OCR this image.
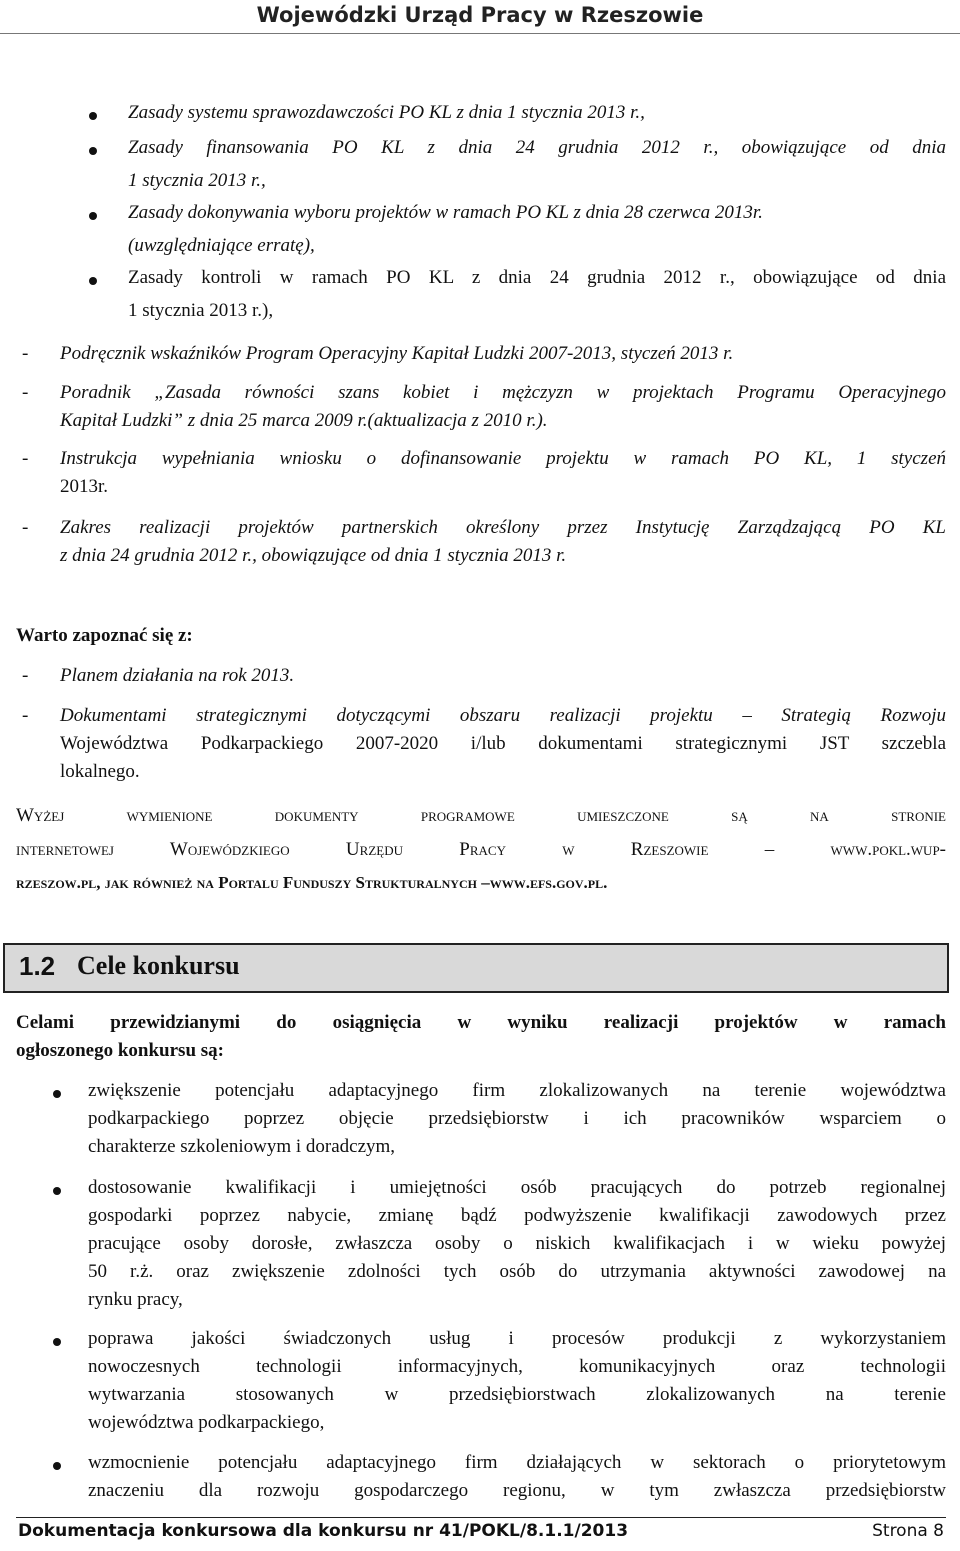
Wojewódzki Urząd Pracy w Rzeszowie
Zasady systemu sprawozdawczości PO KL z dnia 1 stycznia 2013 r.,
Zasady finansowania PO KL z dnia 24 grudnia 2012 r., obowiązujące od dnia
1 stycznia 2013 r.,
Zasady dokonywania wyboru projektów w ramach PO KL z dnia 28 czerwca 2013r.
(uwzględniające erratę),
Zasady kontroli w ramach PO KL z dnia 24 grudnia 2012 r., obowiązujące od dnia
1 stycznia 2013 r.),
- Podręcznik wskaźników Program Operacyjny Kapitał Ludzki 2007-2013, styczeń 2013 r.
- Poradnik „Zasada równości szans kobiet i mężczyzn w projektach Programu Operacyjnego
Kapitał Ludzki” z dnia 25 marca 2009 r.(aktualizacja z 2010 r.).
- Instrukcja wypełniania wniosku o dofinansowanie projektu w ramach PO KL, 1 styczeń
2013r.
- Zakres realizacji projektów partnerskich określony przez Instytucję Zarządzającą PO KL
z dnia 24 grudnia 2012 r., obowiązujące od dnia 1 stycznia 2013 r.
Warto zapoznać się z:
- Planem działania na rok 2013.
- Dokumentami strategicznymi dotyczącymi obszaru realizacji projektu – Strategią Rozwoju
Województwa Podkarpackiego 2007-2020 i/lub dokumentami strategicznymi JST szczebla
lokalnego.
Wyżej wymienione dokumenty programowe umieszczone są na stronie
internetowej Wojewódzkiego Urzędu Pracy w Rzeszowie – www.pokl.wup-
rzeszow.pl, jak również na Portalu Funduszy Strukturalnych –www.efs.gov.pl.
1.2 Cele konkursu
Celami przewidzianymi do osiągnięcia w wyniku realizacji projektów w ramach
ogłoszonego konkursu są:
zwiększenie potencjału adaptacyjnego firm zlokalizowanych na terenie województwa
podkarpackiego poprzez objęcie przedsiębiorstw i ich pracowników wsparciem o
charakterze szkoleniowym i doradczym,
dostosowanie kwalifikacji i umiejętności osób pracujących do potrzeb regionalnej
gospodarki poprzez nabycie, zmianę bądź podwyższenie kwalifikacji zawodowych przez
pracujące osoby dorosłe, zwłaszcza osoby o niskich kwalifikacjach i w wieku powyżej
50 r.ż. oraz zwiększenie zdolności tych osób do utrzymania aktywności zawodowej na
rynku pracy,
poprawa jakości świadczonych usług i procesów produkcji z wykorzystaniem
nowoczesnych technologii informacyjnych, komunikacyjnych oraz technologii
wytwarzania stosowanych w przedsiębiorstwach zlokalizowanych na terenie
województwa podkarpackiego,
wzmocnienie potencjału adaptacyjnego firm działających w sektorach o priorytetowym
znaczeniu dla rozwoju gospodarczego regionu, w tym zwłaszcza przedsiębiorstw
Dokumentacja konkursowa dla konkursu nr 41/POKL/8.1.1/2013	Strona 8
